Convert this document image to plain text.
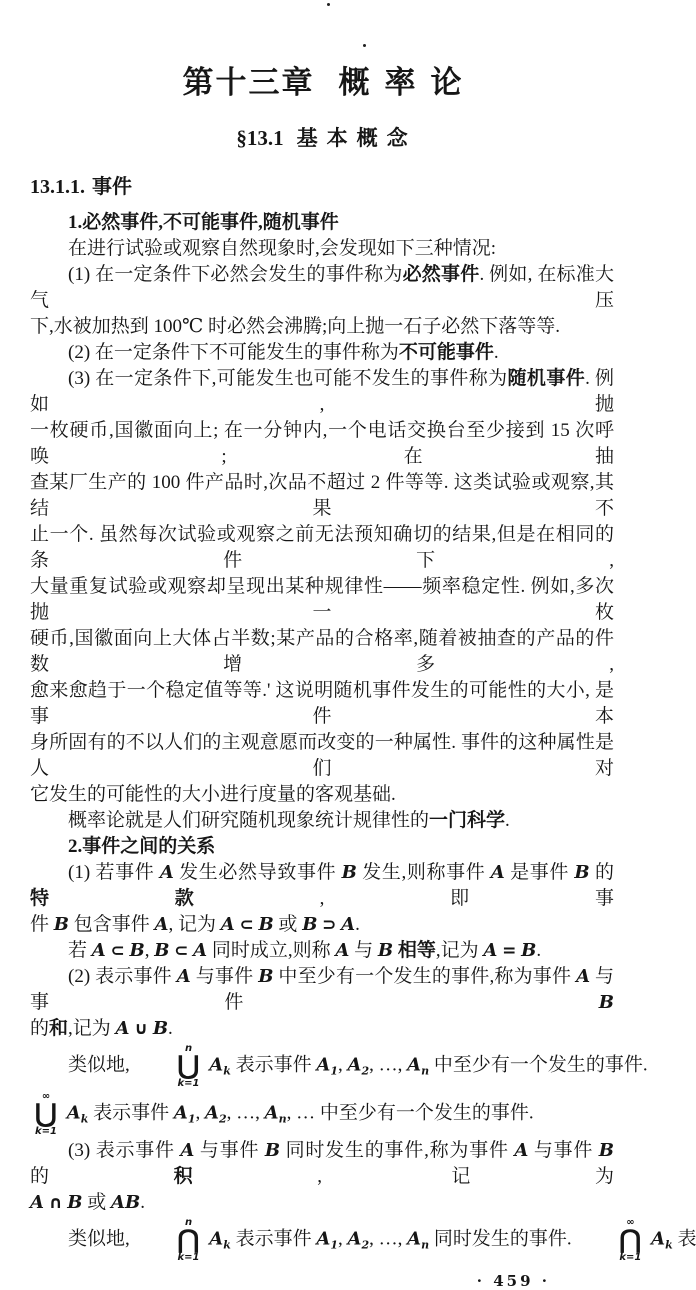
第十三章 概率论
§13.1 基本概念
13.1.1. 事件
1.必然事件,不可能事件,随机事件
在进行试验或观察自然现象时,会发现如下三种情况:
(1) 在一定条件下必然会发生的事件称为必然事件. 例如, 在标准大气压
下,水被加热到 100℃ 时必然会沸腾;向上抛一石子必然下落等等.
(2) 在一定条件下不可能发生的事件称为不可能事件.
(3) 在一定条件下,可能发生也可能不发生的事件称为随机事件. 例如,抛
一枚硬币,国徽面向上; 在一分钟内,一个电话交换台至少接到 15 次呼唤; 在抽
查某厂生产的 100 件产品时,次品不超过 2 件等等. 这类试验或观察,其结果不
止一个. 虽然每次试验或观察之前无法预知确切的结果,但是在相同的条件下,
大量重复试验或观察却呈现出某种规律性——频率稳定性. 例如,多次抛一枚
硬币,国徽面向上大体占半数;某产品的合格率,随着被抽查的产品的件数增多,
愈来愈趋于一个稳定值等等.' 这说明随机事件发生的可能性的大小, 是事件本
身所固有的不以人们的主观意愿而改变的一种属性. 事件的这种属性是人们对
它发生的可能性的大小进行度量的客观基础.
概率论就是人们研究随机现象统计规律性的一门科学.
2.事件之间的关系
(1) 若事件 A 发生必然导致事件 B 发生,则称事件 A 是事件 B 的特款,即事
件 B 包含事件 A, 记为 A ⊂ B 或 B ⊃ A.
若 A ⊂ B, B ⊂ A 同时成立,则称 A 与 B 相等,记为 A = B.
(2) 表示事件 A 与事件 B 中至少有一个发生的事件,称为事件 A 与事件 B
的和,记为 A ∪ B.
类似地,
n
⋃
k=1
$A_k$ 表示事件 $A_1$, $A_2$, …, $A_n$ 中至少有一个发生的事件.
∞
⋃
k=1
$A_k$ 表示事件 $A_1$, $A_2$, …, $A_n$, … 中至少有一个发生的事件.
(3) 表示事件 A 与事件 B 同时发生的事件,称为事件 A 与事件 B 的积, 记为
A ∩ B 或 AB.
类似地,
n
⋂
k=1
$A_k$ 表示事件 $A_1$, $A_2$, …, $A_n$ 同时发生的事件.
∞
⋂
k=1
$A_k$ 表
· 459 ·
